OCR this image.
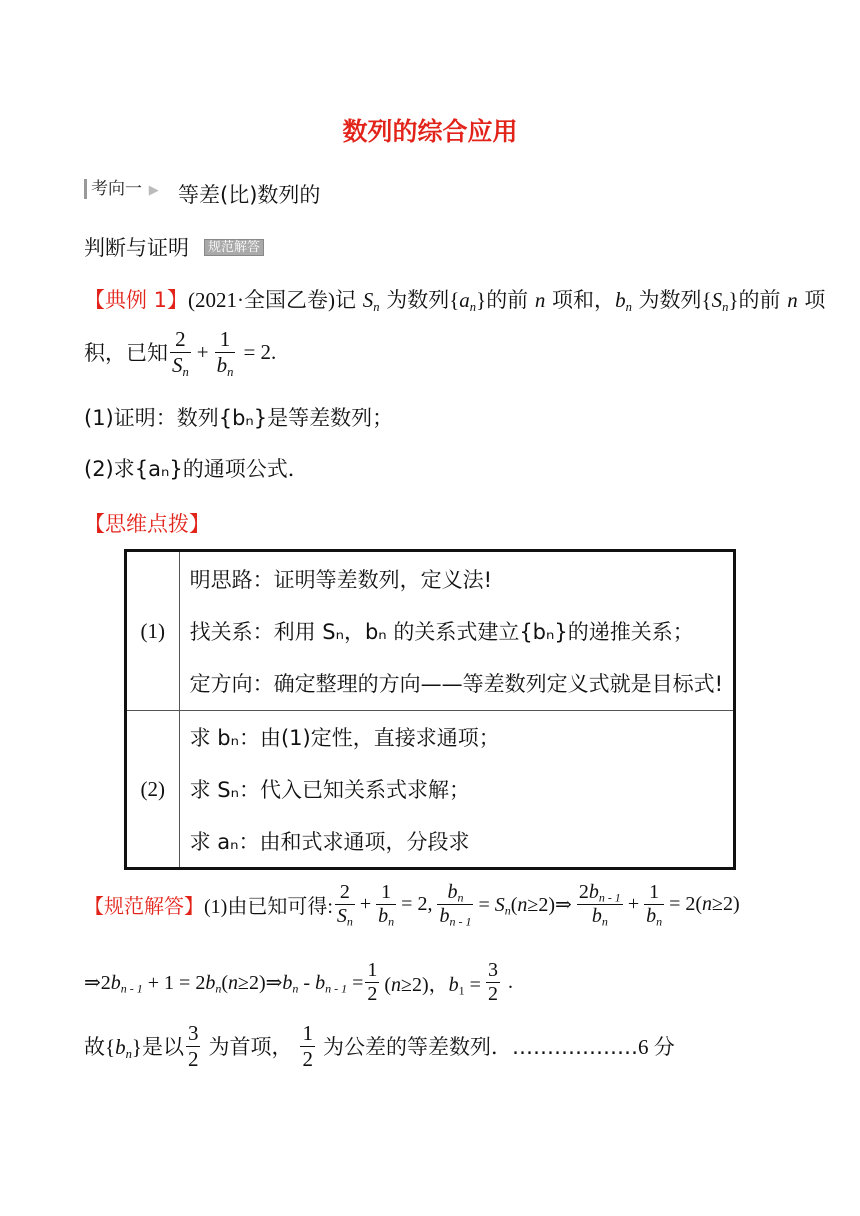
数列的综合应用
考向一 ▶ 等差(比)数列的
判断与证明	规范解答
【典例 1】(2021·全国乙卷)记 $S_n$ 为数列$\{a_n\}$的前 n 项和，$b_n$ 为数列$\{S_n\}$的前 n 项
积，已知 $\frac{2}{S_n} + \frac{1}{b_n} = 2$.
(1)证明：数列{bₙ}是等差数列；
(2)求{aₙ}的通项公式．
【思维点拨】
(1)	明思路：证明等差数列，定义法!
找关系：利用 Sₙ，bₙ 的关系式建立{bₙ}的递推关系；
定方向：确定整理的方向——等差数列定义式就是目标式!

(2)	求 bₙ：由(1)定性，直接求通项；
求 Sₙ：代入已知关系式求解；
求 aₙ：由和式求通项，分段求
【规范解答】 (1)由已知可得: $\frac{2}{S_n} + \frac{1}{b_n} = 2$, $\frac{b_n}{b_{n - 1}}$ = $S_n(n\ge 2)\Rightarrow \frac{2b_{n - 1}}{b_n} + \frac{1}{b_n} = 2(n\ge 2)$
$\Rightarrow 2b_{n - 1} + 1$ = $2b_n(n\ge 2)\Rightarrow b_n - b_{n - 1} = \frac{1}{2} (n\ge 2)$，$b_1 = \frac{3}{2}$ .
故$\{b_n\}$是以 $\frac{3}{2}$ 为首项， $\frac{1}{2}$ 为公差的等差数列．……………… 6 分
